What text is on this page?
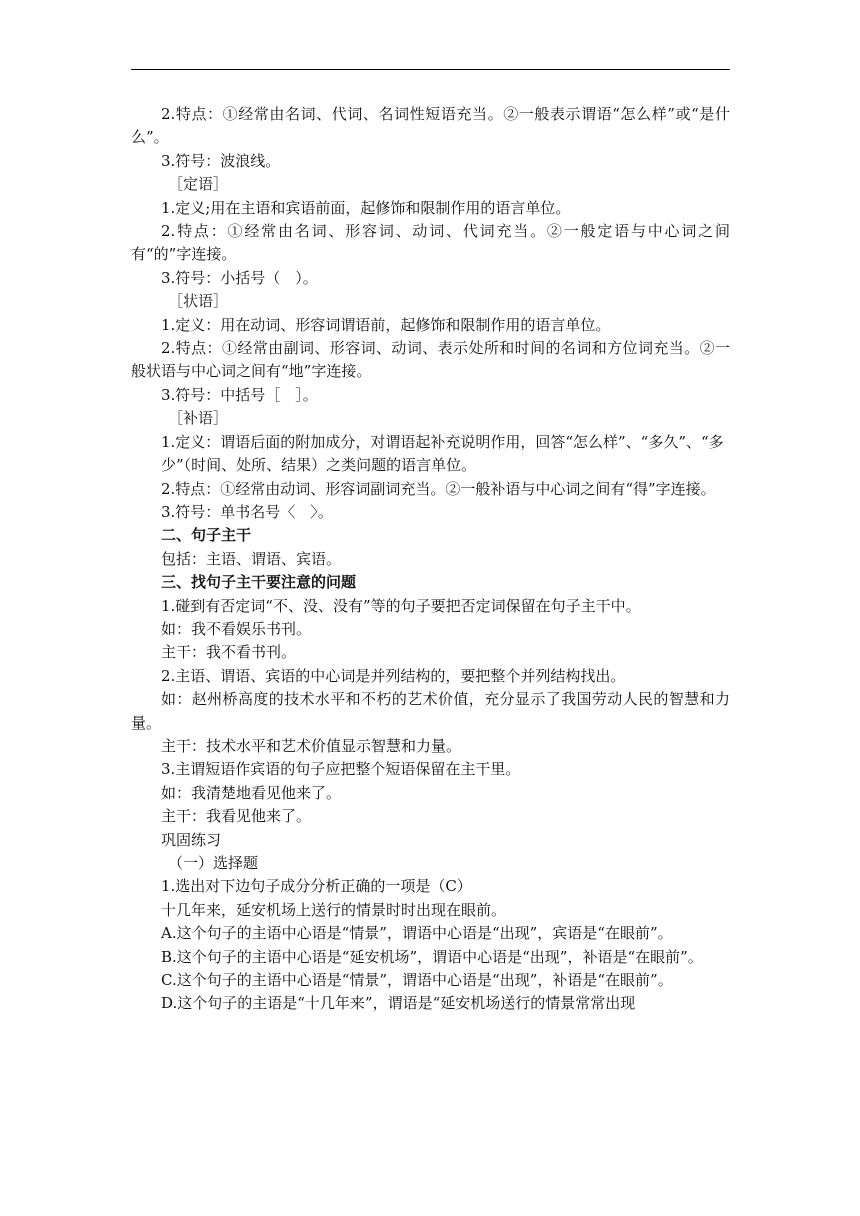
2.特点：①经常由名词、代词、名词性短语充当。②一般表示谓语“怎么样”或“是什么”。

3.符号：波浪线。

［定语］

1.定义;用在主语和宾语前面，起修饰和限制作用的语言单位。

2.特点：①经常由名词、形容词、动词、代词充当。②一般定语与中心词之间有“的”字连接。

3.符号：小括号（　）。

［状语］

1.定义：用在动词、形容词谓语前，起修饰和限制作用的语言单位。

2.特点：①经常由副词、形容词、动词、表示处所和时间的名词和方位词充当。②一般状语与中心词之间有“地”字连接。

3.符号：中括号［　］。

［补语］

1.定义：谓语后面的附加成分，对谓语起补充说明作用，回答“怎么样”、“多久”、“多

少”（时间、处所、结果）之类问题的语言单位。

2.特点：①经常由动词、形容词副词充当。②一般补语与中心词之间有“得”字连接。

3.符号：单书名号〈　〉。

二、句子主干

包括：主语、谓语、宾语。

三、找句子主干要注意的问题

1.碰到有否定词“不、没、没有”等的句子要把否定词保留在句子主干中。

如：我不看娱乐书刊。

主干：我不看书刊。

2.主语、谓语、宾语的中心词是并列结构的，要把整个并列结构找出。

如：赵州桥高度的技术水平和不朽的艺术价值，充分显示了我国劳动人民的智慧和力量。

主干：技术水平和艺术价值显示智慧和力量。

3.主谓短语作宾语的句子应把整个短语保留在主干里。

如：我清楚地看见他来了。

主干：我看见他来了。

巩固练习

（一）选择题

1.选出对下边句子成分分析正确的一项是（C）

十几年来，延安机场上送行的情景时时出现在眼前。

A.这个句子的主语中心语是“情景”，谓语中心语是“出现”，宾语是“在眼前”。

B.这个句子的主语中心语是“延安机场”，谓语中心语是“出现”，补语是“在眼前”。

C.这个句子的主语中心语是“情景”，谓语中心语是“出现”，补语是“在眼前”。

D.这个句子的主语是“十几年来”，谓语是“延安机场送行的情景常常出现
